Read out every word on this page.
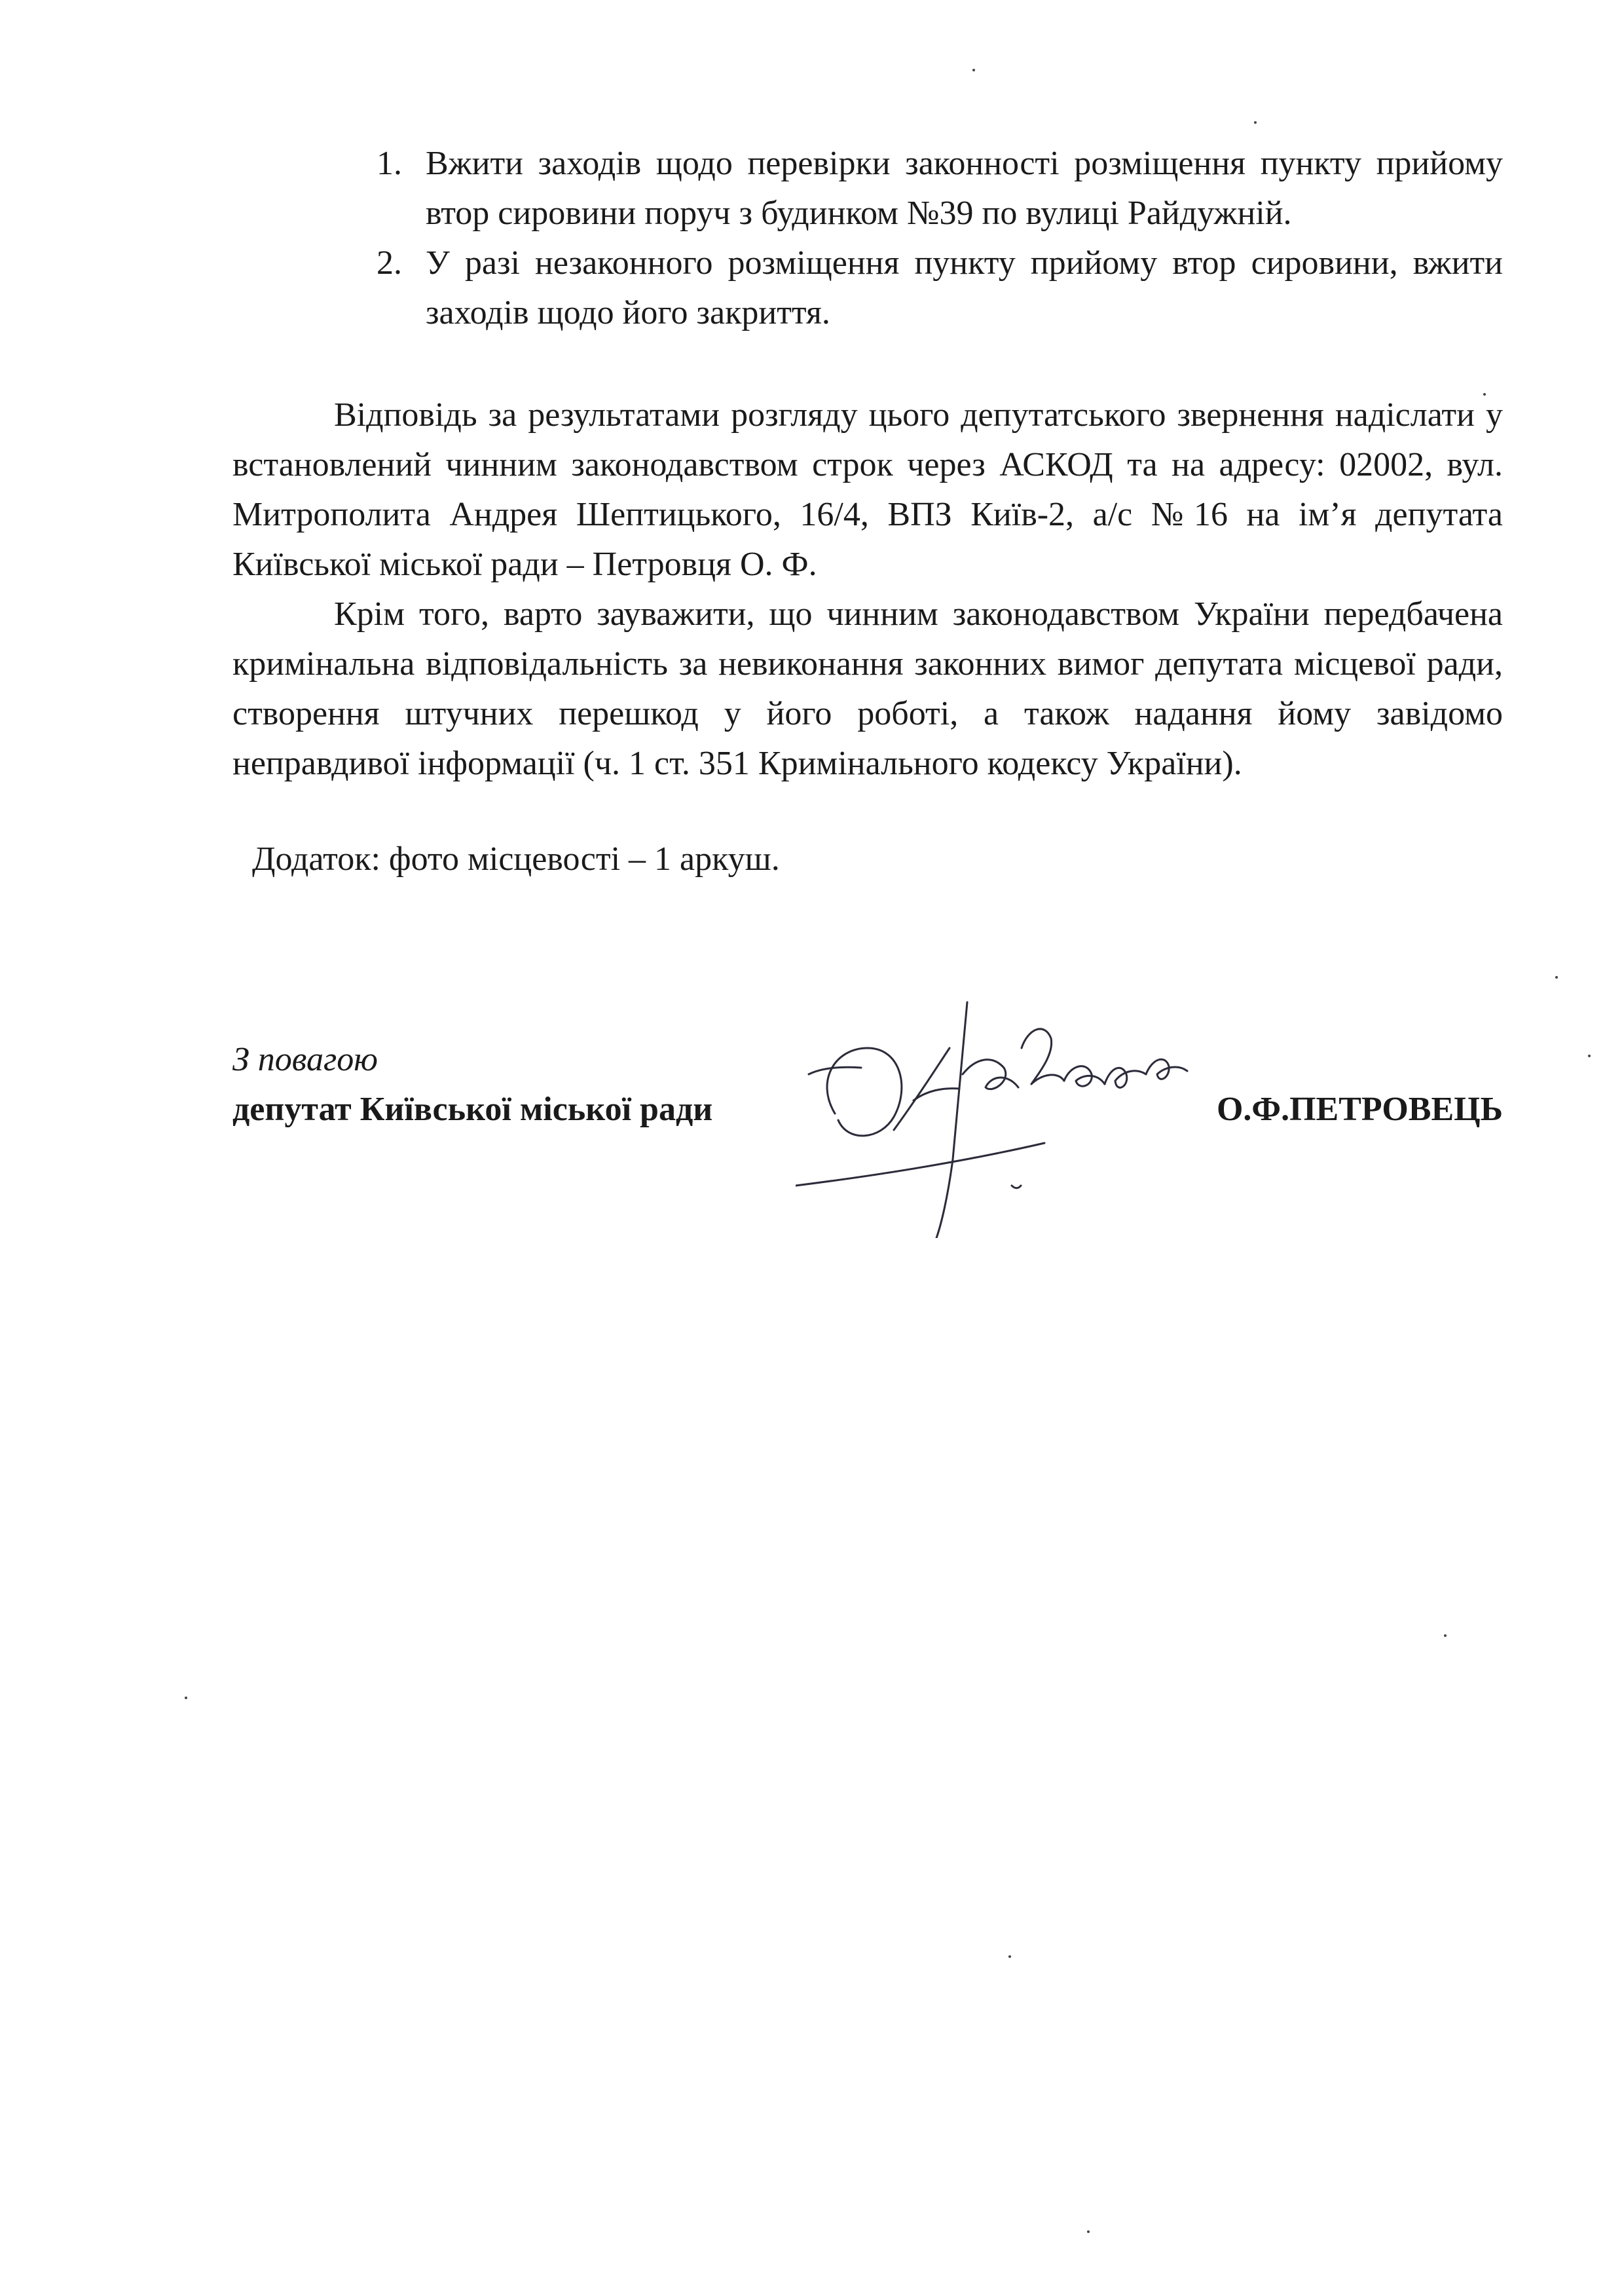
1. Вжити заходів щодо перевірки законності розміщення пункту прийому втор сировини поруч з будинком №39 по вулиці Райдужній.
2. У разі незаконного розміщення пункту прийому втор сировини, вжити заходів щодо його закриття.

Відповідь за результатами розгляду цього депутатського звернення надіслати у встановлений чинним законодавством строк через АСКОД та на адресу: 02002, вул. Митрополита Андрея Шептицького, 16/4, ВПЗ Київ-2, а/с №16 на ім’я депутата Київської міської ради – Петровця О. Ф.

Крім того, варто зауважити, що чинним законодавством України передбачена кримінальна відповідальність за невиконання законних вимог депутата місцевої ради, створення штучних перешкод у його роботі, а також надання йому завідомо неправдивої інформації (ч. 1 ст. 351 Кримінального кодексу України).

Додаток: фото місцевості – 1 аркуш.

З повагою
депутат Київської міської ради	О.Ф.ПЕТРОВЕЦЬ
